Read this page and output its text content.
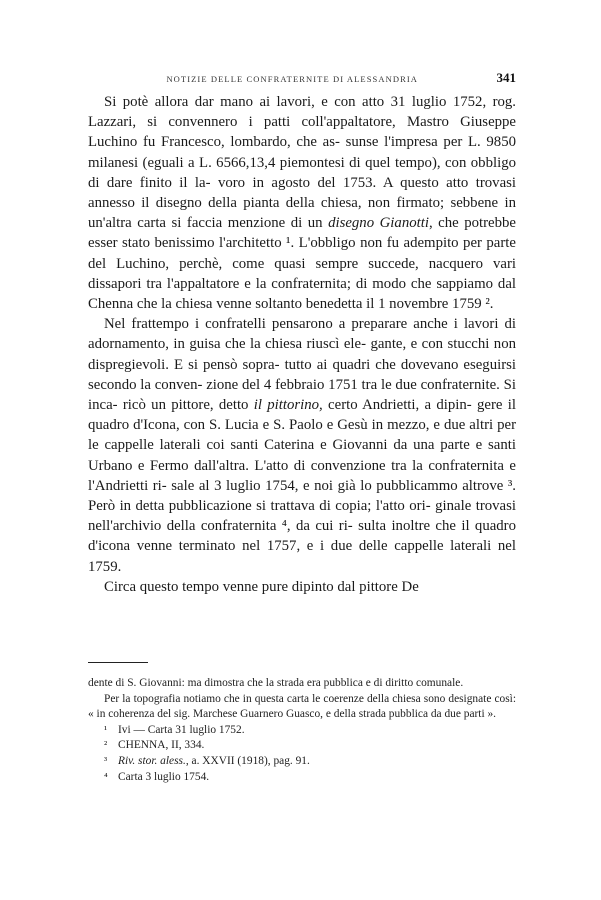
NOTIZIE DELLE CONFRATERNITE DI ALESSANDRIA	341

Si potè allora dar mano ai lavori, e con atto 31 luglio 1752, rog. Lazzari, si convennero i patti coll'appaltatore, Mastro Giuseppe Luchino fu Francesco, lombardo, che as- sunse l'impresa per L. 9850 milanesi (eguali a L. 6566,13,4 piemontesi di quel tempo), con obbligo di dare finito il la- voro in agosto del 1753. A questo atto trovasi annesso il disegno della pianta della chiesa, non firmato; sebbene in un'altra carta si faccia menzione di un disegno Gianotti, che potrebbe esser stato benissimo l'architetto ¹. L'obbligo non fu adempito per parte del Luchino, perchè, come quasi sempre succede, nacquero vari dissapori tra l'appaltatore e la confraternita; di modo che sappiamo dal Chenna che la chiesa venne soltanto benedetta il 1 novembre 1759 ².

Nel frattempo i confratelli pensarono a preparare anche i lavori di adornamento, in guisa che la chiesa riuscì ele- gante, e con stucchi non dispregievoli. E si pensò sopra- tutto ai quadri che dovevano eseguirsi secondo la conven- zione del 4 febbraio 1751 tra le due confraternite. Si inca- ricò un pittore, detto il pittorino, certo Andrietti, a dipin- gere il quadro d'Icona, con S. Lucia e S. Paolo e Gesù in mezzo, e due altri per le cappelle laterali coi santi Caterina e Giovanni da una parte e santi Urbano e Fermo dall'altra. L'atto di convenzione tra la confraternita e l'Andrietti ri- sale al 3 luglio 1754, e noi già lo pubblicammo altrove ³. Però in detta pubblicazione si trattava di copia; l'atto ori- ginale trovasi nell'archivio della confraternita ⁴, da cui ri- sulta inoltre che il quadro d'icona venne terminato nel 1757, e i due delle cappelle laterali nel 1759.

Circa questo tempo venne pure dipinto dal pittore De

dente di S. Giovanni: ma dimostra che la strada era pubblica e di diritto comunale.

Per la topografia notiamo che in questa carta le coerenze della chiesa sono designate così: « in coherenza del sig. Marchese Guarnero Guasco, e della strada pubblica da due parti ».

¹ Ivi — Carta 31 luglio 1752.
² CHENNA, II, 334.
³ Riv. stor. aless., a. XXVII (1918), pag. 91.
⁴ Carta 3 luglio 1754.
